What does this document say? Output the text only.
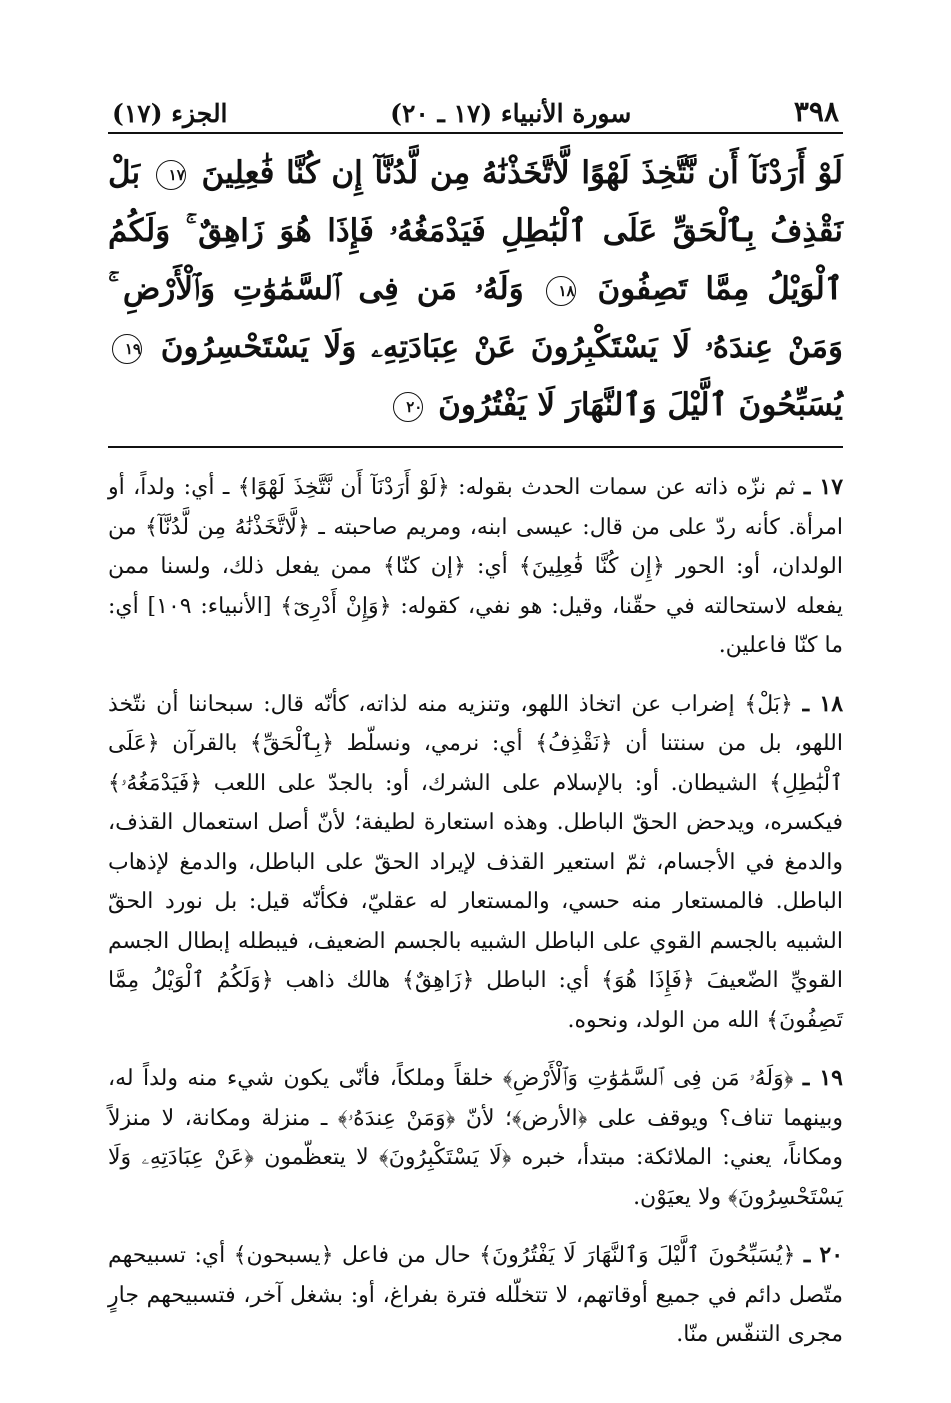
٣٩٨
سورة الأنبياء (١٧ ـ ٢٠)
الجزء (١٧)
لَوْ أَرَدْنَآ أَن نَّتَّخِذَ لَهْوًا لَّاتَّخَذْنَٰهُ مِن لَّدُنَّآ إِن كُنَّا فَٰعِلِينَ ١٧ بَلْ نَقْذِفُ بِٱلْحَقِّ عَلَى ٱلْبَٰطِلِ فَيَدْمَغُهُۥ فَإِذَا هُوَ زَاهِقٌ ۚ وَلَكُمُ ٱلْوَيْلُ مِمَّا تَصِفُونَ ١٨ وَلَهُۥ مَن فِى ٱلسَّمَٰوَٰتِ وَٱلْأَرْضِ ۚ وَمَنْ عِندَهُۥ لَا يَسْتَكْبِرُونَ عَنْ عِبَادَتِهِۦ وَلَا يَسْتَحْسِرُونَ ١٩ يُسَبِّحُونَ ٱلَّيْلَ وَٱلنَّهَارَ لَا يَفْتُرُونَ ٢٠

١٧ ـ ثم نزّه ذاته عن سمات الحدث بقوله: ﴿لَوْ أَرَدْنَآ أَن نَّتَّخِذَ لَهْوًا﴾ ـ أي: ولداً، أو امرأة. كأنه ردّ على من قال: عيسى ابنه، ومريم صاحبته ـ ﴿لَّاتَّخَذْنَٰهُ مِن لَّدُنَّآ﴾ من الولدان، أو: الحور ﴿إِن كُنَّا فَٰعِلِينَ﴾ أي: ﴿إن كنّا﴾ ممن يفعل ذلك، ولسنا ممن يفعله لاستحالته في حقّنا، وقيل: هو نفي، كقوله: ﴿وَإِنْ أَدْرِىٓ﴾ [الأنبياء: ١٠٩] أي: ما كنّا فاعلين.

١٨ ـ ﴿بَلْ﴾ إضراب عن اتخاذ اللهو، وتنزيه منه لذاته، كأنّه قال: سبحاننا أن نتّخذ اللهو، بل من سنتنا أن ﴿نَقْذِفُ﴾ أي: نرمي، ونسلّط ﴿بِٱلْحَقِّ﴾ بالقرآن ﴿عَلَى ٱلْبَٰطِلِ﴾ الشيطان. أو: بالإسلام على الشرك، أو: بالجدّ على اللعب ﴿فَيَدْمَغُهُۥ﴾ فيكسره، ويدحض الحقّ الباطل. وهذه استعارة لطيفة؛ لأنّ أصل استعمال القذف، والدمغ في الأجسام، ثمّ استعير القذف لإيراد الحقّ على الباطل، والدمغ لإذهاب الباطل. فالمستعار منه حسي، والمستعار له عقليّ، فكأنّه قيل: بل نورد الحقّ الشبيه بالجسم القوي على الباطل الشبيه بالجسم الضعيف، فيبطله إبطال الجسم القويِّ الضّعيفَ ﴿فَإِذَا هُوَ﴾ أي: الباطل ﴿زَاهِقٌ﴾ هالك ذاهب ﴿وَلَكُمُ ٱلْوَيْلُ مِمَّا تَصِفُونَ﴾ الله من الولد، ونحوه.

١٩ ـ ﴿وَلَهُۥ مَن فِى ٱلسَّمَٰوَٰتِ وَٱلْأَرْضِ﴾ خلقاً وملكاً، فأنّى يكون شيء منه ولداً له، وبينهما تناف؟ ويوقف على ﴿الأرض﴾؛ لأنّ ﴿وَمَنْ عِندَهُۥ﴾ ـ منزلة ومكانة، لا منزلاً ومكاناً، يعني: الملائكة: مبتدأ، خبره ﴿لَا يَسْتَكْبِرُونَ﴾ لا يتعظّمون ﴿عَنْ عِبَادَتِهِۦ وَلَا يَسْتَحْسِرُونَ﴾ ولا يعيَوْن.

٢٠ ـ ﴿يُسَبِّحُونَ ٱلَّيْلَ وَٱلنَّهَارَ لَا يَفْتُرُونَ﴾ حال من فاعل ﴿يسبحون﴾ أي: تسبيحهم متّصل دائم في جميع أوقاتهم، لا تتخلّله فترة بفراغ، أو: بشغل آخر، فتسبيحهم جارٍ مجرى التنفّس منّا.
